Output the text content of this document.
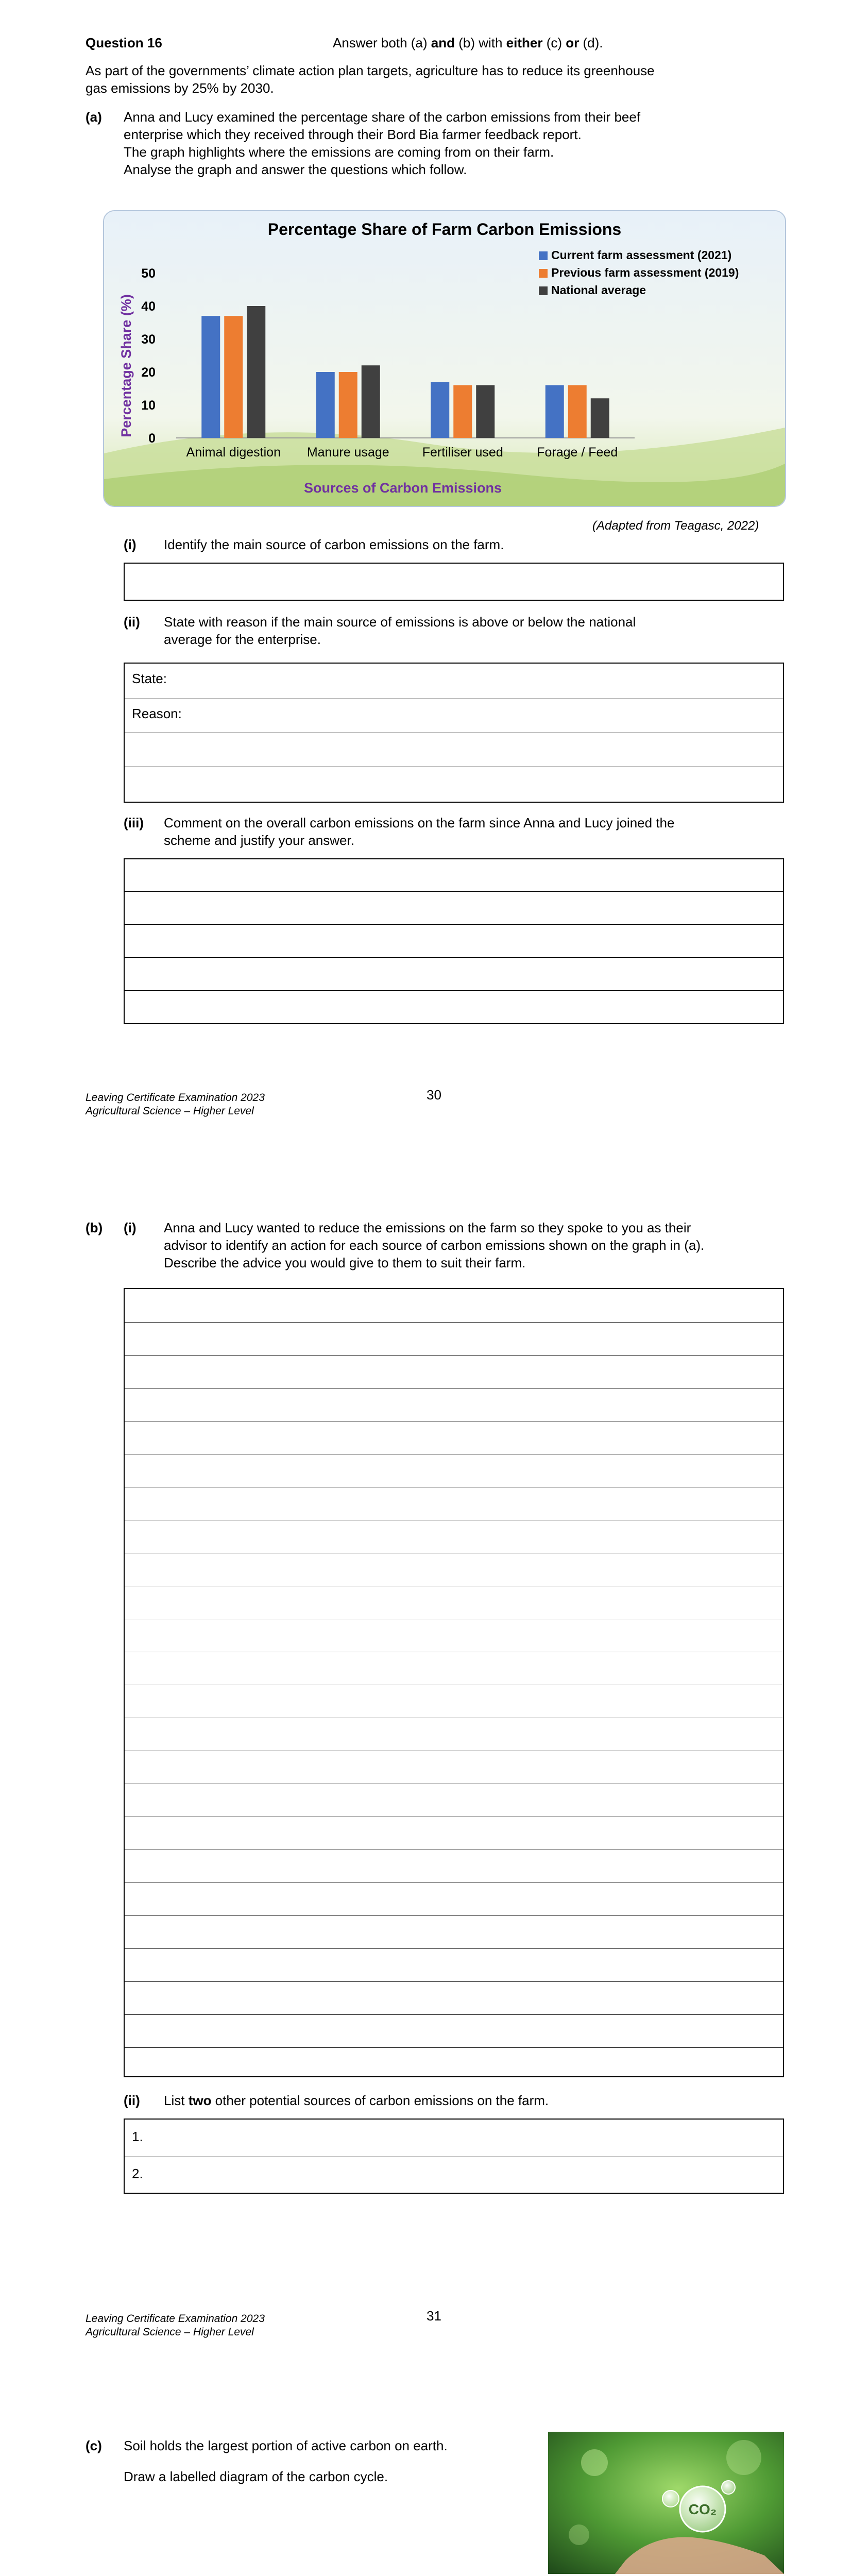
Question 16	Answer both (a) and (b) with either (c) or (d).
As part of the governments’ climate action plan targets, agriculture has to reduce its greenhouse
gas emissions by 25% by 2030.
(a) Anna and Lucy examined the percentage share of the carbon emissions from their beef
enterprise which they received through their Bord Bia farmer feedback report.
The graph highlights where the emissions are coming from on their farm.
Analyse the graph and answer the questions which follow.
Percentage Share of Farm Carbon Emissions
Percentage Share (%)
Sources of Carbon Emissions
0
10
20
30
40
50
Animal digestion Manure usage	Fertiliser used	Forage / Feed
Current farm assessment (2021)
Previous farm assessment (2019)
National average
(Adapted from Teagasc, 2022)
(i) Identify the main source of carbon emissions on the farm.
(ii) State with reason if the main source of emissions is above or below the national
average for the enterprise.
State:
Reason:
(iii) Comment on the overall carbon emissions on the farm since Anna and Lucy joined the
scheme and justify your answer.
Leaving Certificate Examination 2023
Agricultural Science – Higher Level
30
(b) (i) Anna and Lucy wanted to reduce the emissions on the farm so they spoke to you as their
advisor to identify an action for each source of carbon emissions shown on the graph in (a).
Describe the advice you would give to them to suit their farm.
(ii) List two other potential sources of carbon emissions on the farm.
1.
2.
Leaving Certificate Examination 2023
Agricultural Science – Higher Level
31
(c) Soil holds the largest portion of active carbon on earth.
Draw a labelled diagram of the carbon cycle.
CO₂
